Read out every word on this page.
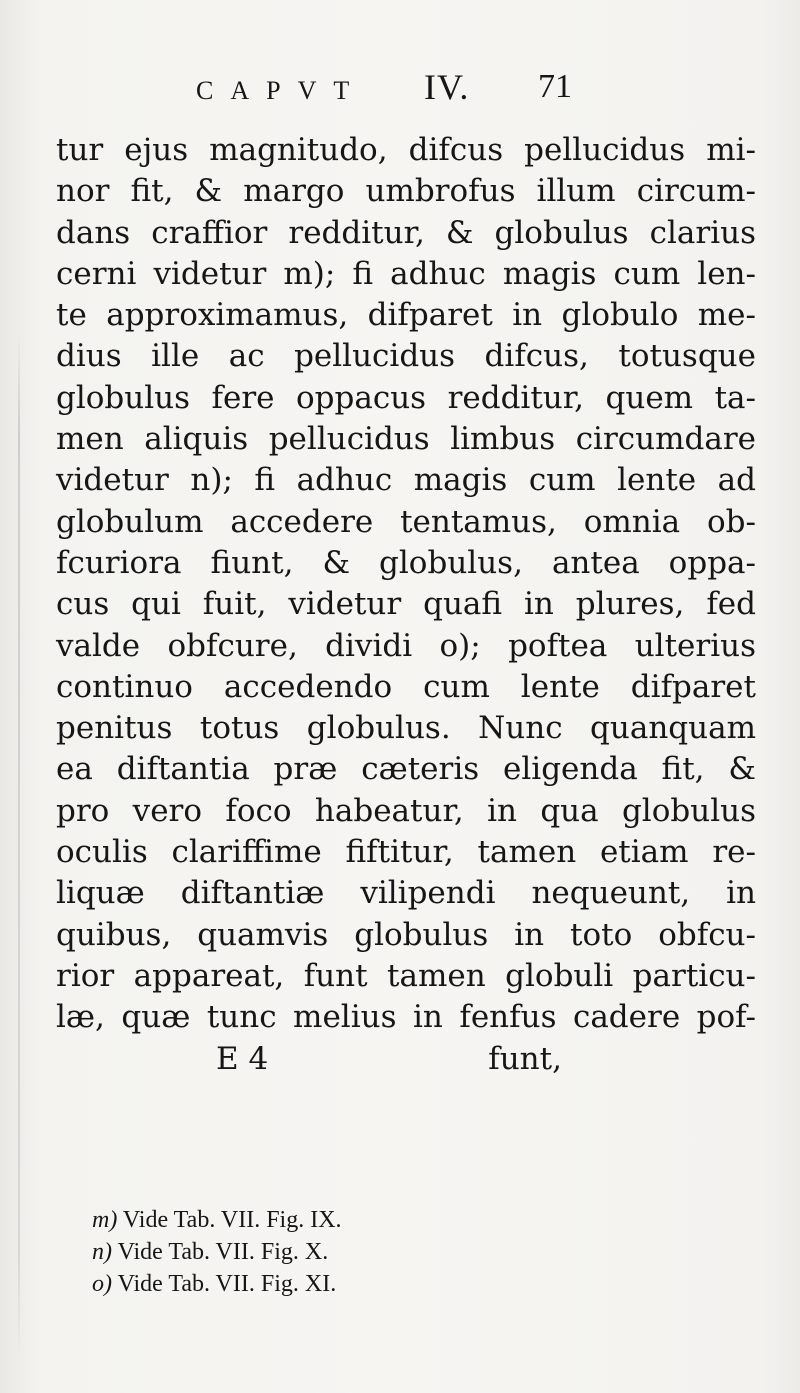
CAPVT IV. 71
tur ejus magnitudo, difcus pellucidus mi-
nor fit, & margo umbrofus illum circum-
dans craffior redditur, & globulus clarius
cerni videtur m); fi adhuc magis cum len-
te approximamus, difparet in globulo me-
dius ille ac pellucidus difcus, totusque
globulus fere oppacus redditur, quem ta-
men aliquis pellucidus limbus circumdare
videtur n); fi adhuc magis cum lente ad
globulum accedere tentamus, omnia ob-
fcuriora fiunt, & globulus, antea oppa-
cus qui fuit, videtur quafi in plures, fed
valde obfcure, dividi o); poftea ulterius
continuo accedendo cum lente difparet
penitus totus globulus. Nunc quanquam
ea diftantia præ cæteris eligenda fit, &
pro vero foco habeatur, in qua globulus
oculis clariffime fiftitur, tamen etiam re-
liquæ diftantiæ vilipendi nequeunt, in
quibus, quamvis globulus in toto obfcu-
rior appareat, funt tamen globuli particu-
læ, quæ tunc melius in fenfus cadere pof-
E 4	funt,
m) Vide Tab. VII. Fig. IX.
n) Vide Tab. VII. Fig. X.
o) Vide Tab. VII. Fig. XI.
